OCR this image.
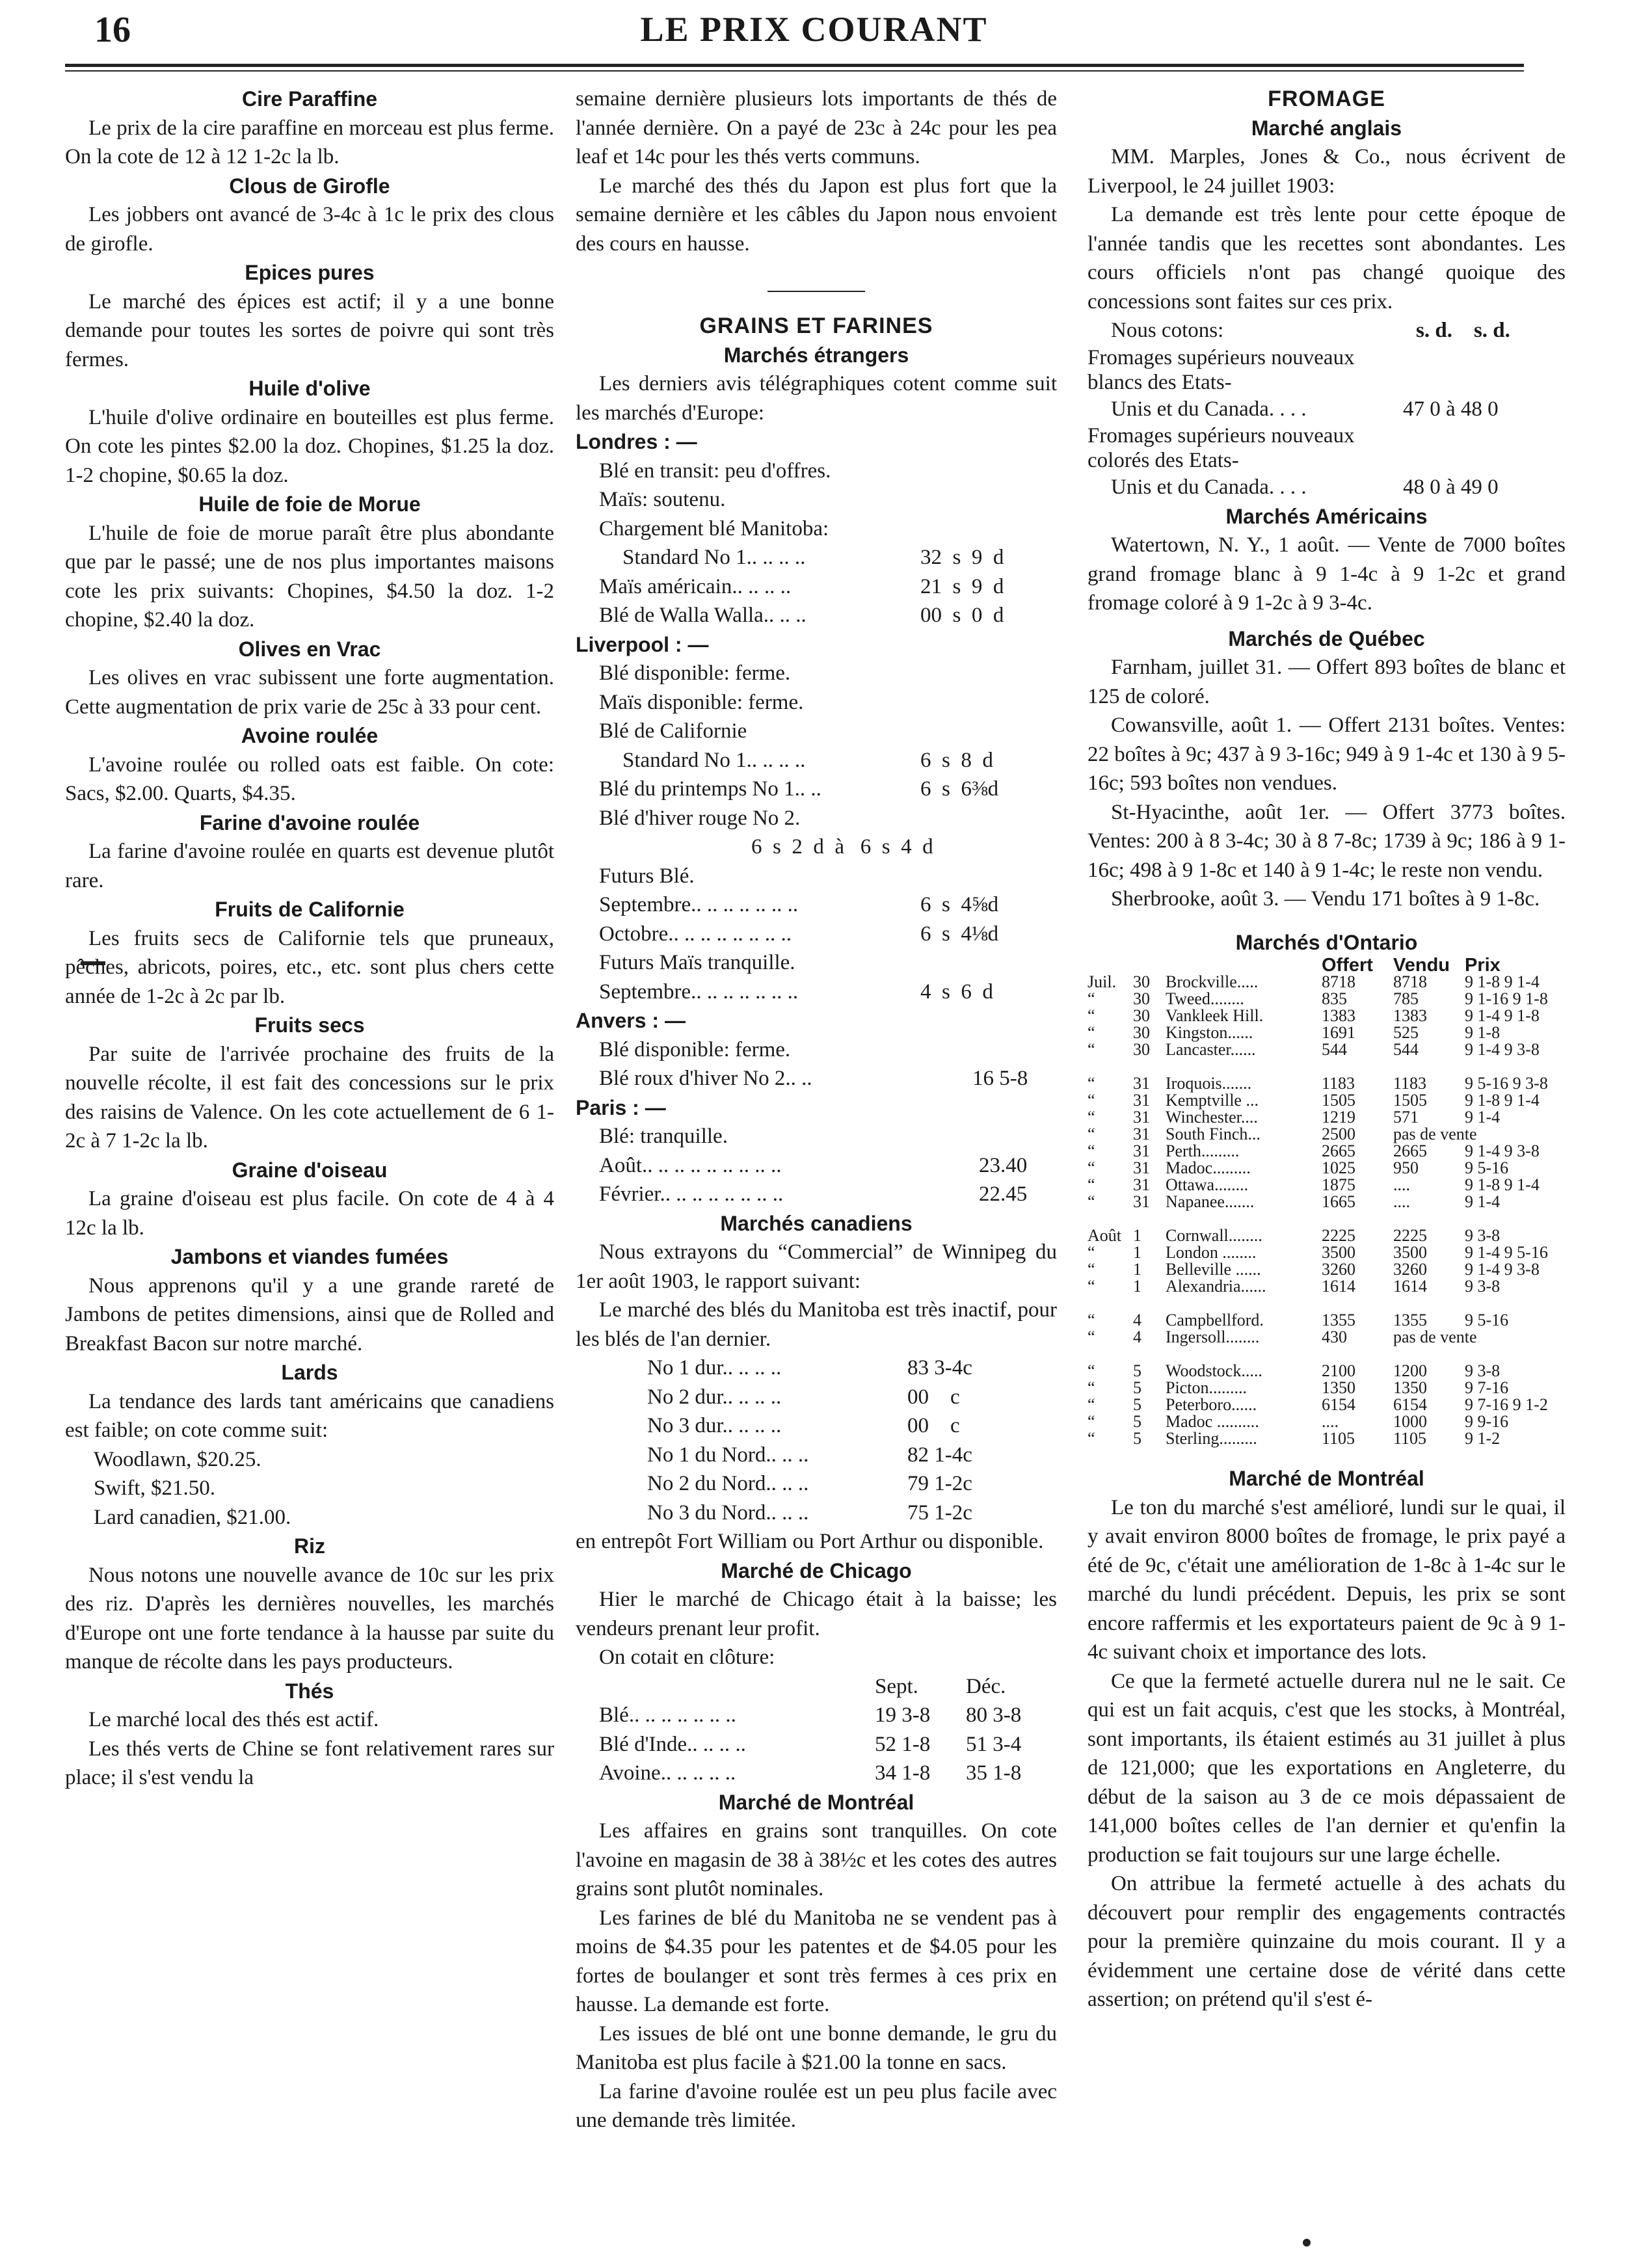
16	LE PRIX COURANT
Cire Paraffine

Le prix de la cire paraffine en morceau est plus ferme. On la cote de 12 à 12 1-2c la lb.

Clous de Girofle

Les jobbers ont avancé de 3-4c à 1c le prix des clous de girofle.

Epices pures

Le marché des épices est actif; il y a une bonne demande pour toutes les sortes de poivre qui sont très fermes.

Huile d'olive

L'huile d'olive ordinaire en bouteilles est plus ferme. On cote les pintes $2.00 la doz. Chopines, $1.25 la doz. 1-2 chopine, $0.65 la doz.

Huile de foie de Morue

L'huile de foie de morue paraît être plus abondante que par le passé; une de nos plus importantes maisons cote les prix suivants: Chopines, $4.50 la doz. 1-2 chopine, $2.40 la doz.

Olives en Vrac

Les olives en vrac subissent une forte augmentation. Cette augmentation de prix varie de 25c à 33 pour cent.

Avoine roulée

L'avoine roulée ou rolled oats est faible. On cote: Sacs, $2.00. Quarts, $4.35.

Farine d'avoine roulée

La farine d'avoine roulée en quarts est devenue plutôt rare.

Fruits de Californie

Les fruits secs de Californie tels que pruneaux, pêches, abricots, poires, etc., etc. sont plus chers cette année de 1-2c à 2c par lb.

Fruits secs

Par suite de l'arrivée prochaine des fruits de la nouvelle récolte, il est fait des concessions sur le prix des raisins de Valence. On les cote actuellement de 6 1-2c à 7 1-2c la lb.

Graine d'oiseau

La graine d'oiseau est plus facile. On cote de 4 à 4 12c la lb.

Jambons et viandes fumées

Nous apprenons qu'il y a une grande rareté de Jambons de petites dimensions, ainsi que de Rolled and Breakfast Bacon sur notre marché.

Lards

La tendance des lards tant américains que canadiens est faible; on cote comme suit:

Woodlawn, $20.25.
Swift, $21.50.
Lard canadien, $21.00.
Riz

Nous notons une nouvelle avance de 10c sur les prix des riz. D'après les dernières nouvelles, les marchés d'Europe ont une forte tendance à la hausse par suite du manque de récolte dans les pays producteurs.

Thés

Le marché local des thés est actif.

Les thés verts de Chine se font relativement rares sur place; il s'est vendu la

semaine dernière plusieurs lots importants de thés de l'année dernière. On a payé de 23c à 24c pour les pea leaf et 14c pour les thés verts communs.

Le marché des thés du Japon est plus fort que la semaine dernière et les câbles du Japon nous envoient des cours en hausse.

GRAINS ET FARINES
Marchés étrangers

Les derniers avis télégraphiques cotent comme suit les marchés d'Europe:

Londres : —
Blé en transit: peu d'offres.
Maïs: soutenu.
Chargement blé Manitoba:
Standard No 1.. .. .. ..	32  s  9  d
Maïs américain.. .. .. ..	21  s  9  d
Blé de Walla Walla.. .. ..	00  s  0  d
Liverpool : —
Blé disponible: ferme.
Maïs disponible: ferme.
Blé de Californie
Standard No 1.. .. .. ..	6  s  8  d
Blé du printemps No 1.. ..	6  s  6⅜d
Blé d'hiver rouge No 2.
6  s  2  d  à   6  s  4  d
Futurs Blé.
Septembre.. .. .. .. .. .. ..	6  s  4⅝d
Octobre.. .. .. .. .. .. .. ..	6  s  4⅛d
Futurs Maïs tranquille.
Septembre.. .. .. .. .. .. ..	4  s  6  d
Anvers : —
Blé disponible: ferme.
Blé roux d'hiver No 2.. ..	16 5-8
Paris : —
Blé: tranquille.
Août.. .. .. .. .. .. .. .. ..	23.40
Février.. .. .. .. .. .. .. ..	22.45
Marchés canadiens

Nous extrayons du “Commercial” de Winnipeg du 1er août 1903, le rapport suivant:

Le marché des blés du Manitoba est très inactif, pour les blés de l'an dernier.

No 1 dur.. .. .. ..	83 3-4c
No 2 dur.. .. .. ..	00    c
No 3 dur.. .. .. ..	00    c
No 1 du Nord.. .. ..	82 1-4c
No 2 du Nord.. .. ..	79 1-2c
No 3 du Nord.. .. ..	75 1-2c

en entrepôt Fort William ou Port Arthur ou disponible.

Marché de Chicago

Hier le marché de Chicago était à la baisse; les vendeurs prenant leur profit.

On cotait en clôture:

Sept.	Déc.
Blé.. .. .. .. .. .. ..	19 3-8	80 3-8
Blé d'Inde.. .. .. ..	52 1-8	51 3-4
Avoine.. .. .. .. ..	34 1-8	35 1-8
Marché de Montréal

Les affaires en grains sont tranquilles. On cote l'avoine en magasin de 38 à 38½c et les cotes des autres grains sont plutôt nominales.

Les farines de blé du Manitoba ne se vendent pas à moins de $4.35 pour les patentes et de $4.05 pour les fortes de boulanger et sont très fermes à ces prix en hausse. La demande est forte.

Les issues de blé ont une bonne demande, le gru du Manitoba est plus facile à $21.00 la tonne en sacs.

La farine d'avoine roulée est un peu plus facile avec une demande très limitée.

FROMAGE
Marché anglais

MM. Marples, Jones & Co., nous écrivent de Liverpool, le 24 juillet 1903:

La demande est très lente pour cette époque de l'année tandis que les recettes sont abondantes. Les cours officiels n'ont pas changé quoique des concessions sont faites sur ces prix.

Nous cotons:	s. d.    s. d.
Fromages supérieurs nouveaux blancs des Etats-
Unis et du Canada. . . .	47 0 à 48 0
Fromages supérieurs nouveaux colorés des Etats-
Unis et du Canada. . . .	48 0 à 49 0
Marchés Américains

Watertown, N. Y., 1 août. — Vente de 7000 boîtes grand fromage blanc à 9 1-4c à 9 1-2c et grand fromage coloré à 9 1-2c à 9 3-4c.

Marchés de Québec

Farnham, juillet 31. — Offert 893 boîtes de blanc et 125 de coloré.

Cowansville, août 1. — Offert 2131 boîtes. Ventes: 22 boîtes à 9c; 437 à 9 3-16c; 949 à 9 1-4c et 130 à 9 5-16c; 593 boîtes non vendues.

St-Hyacinthe, août 1er. — Offert 3773 boîtes. Ventes: 200 à 8 3-4c; 30 à 8 7-8c; 1739 à 9c; 186 à 9 1-16c; 498 à 9 1-8c et 140 à 9 1-4c; le reste non vendu.

Sherbrooke, août 3. — Vendu 171 boîtes à 9 1-8c.

Marchés d'Ontario
			Offert	Vendu	Prix
Juil.	30	Brockville.....	8718	8718	9 1-8 9 1-4
“	30	Tweed........	835	785	9 1-16 9 1-8
“	30	Vankleek Hill.	1383	1383	9 1-4 9 1-8
“	30	Kingston......	1691	525	9 1-8
“	30	Lancaster......	544	544	9 1-4 9 3-8

“	31	Iroquois.......	1183	1183	9 5-16 9 3-8
“	31	Kemptville ...	1505	1505	9 1-8 9 1-4
“	31	Winchester....	1219	571	9 1-4
“	31	South Finch...	2500	pas de vente	
“	31	Perth.........	2665	2665	9 1-4 9 3-8
“	31	Madoc.........	1025	950	9 5-16
“	31	Ottawa........	1875	....	9 1-8 9 1-4
“	31	Napanee.......	1665	....	9 1-4

Août	1	Cornwall........	2225	2225	9 3-8
“	1	London ........	3500	3500	9 1-4 9 5-16
“	1	Belleville ......	3260	3260	9 1-4 9 3-8
“	1	Alexandria......	1614	1614	9 3-8

“	4	Campbellford.	1355	1355	9 5-16
“	4	Ingersoll........	430	pas de vente	

“	5	Woodstock.....	2100	1200	9 3-8
“	5	Picton.........	1350	1350	9 7-16
“	5	Peterboro......	6154	6154	9 7-16 9 1-2
“	5	Madoc ..........	....	1000	9 9-16
“	5	Sterling.........	1105	1105	9 1-2
Marché de Montréal

Le ton du marché s'est amélioré, lundi sur le quai, il y avait environ 8000 boîtes de fromage, le prix payé a été de 9c, c'était une amélioration de 1-8c à 1-4c sur le marché du lundi précédent. Depuis, les prix se sont encore raffermis et les exportateurs paient de 9c à 9 1-4c suivant choix et importance des lots.

Ce que la fermeté actuelle durera nul ne le sait. Ce qui est un fait acquis, c'est que les stocks, à Montréal, sont importants, ils étaient estimés au 31 juillet à plus de 121,000; que les exportations en Angleterre, du début de la saison au 3 de ce mois dépassaient de 141,000 boîtes celles de l'an dernier et qu'enfin la production se fait toujours sur une large échelle.

On attribue la fermeté actuelle à des achats du découvert pour remplir des engagements contractés pour la première quinzaine du mois courant. Il y a évidemment une certaine dose de vérité dans cette assertion; on prétend qu'il s'est é-
